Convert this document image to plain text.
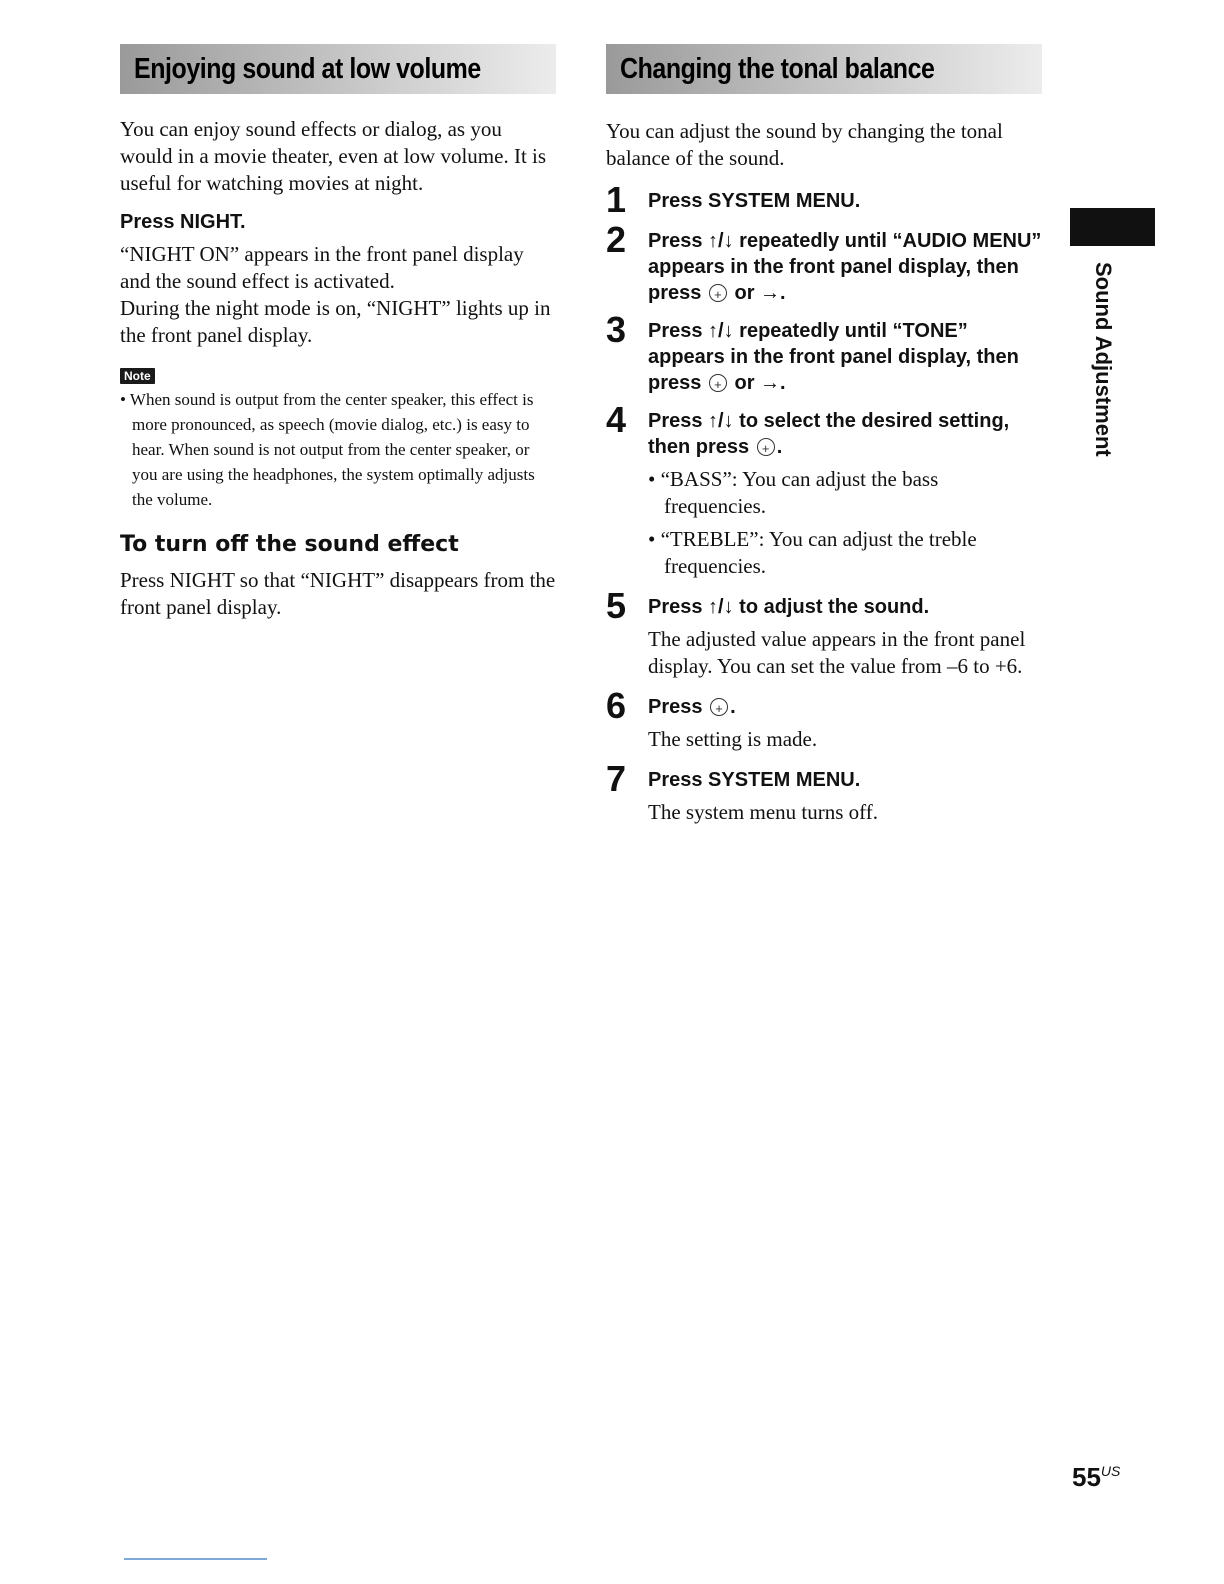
Enjoying sound at low volume

You can enjoy sound effects or dialog, as you would in a movie theater, even at low volume. It is useful for watching movies at night.

Press NIGHT.

“NIGHT ON” appears in the front panel display and the sound effect is activated.

During the night mode is on, “NIGHT” lights up in the front panel display.

Note

• When sound is output from the center speaker, this effect is more pronounced, as speech (movie dialog, etc.) is easy to hear. When sound is not output from the center speaker, or you are using the headphones, the system optimally adjusts the volume.

To turn off the sound effect

Press NIGHT so that “NIGHT” disappears from the front panel display.

Changing the tonal balance

You can adjust the sound by changing the tonal balance of the sound.

1 Press SYSTEM MENU.

2 Press ↑/↓ repeatedly until “AUDIO MENU” appears in the front panel display, then press + or →.

3 Press ↑/↓ repeatedly until “TONE” appears in the front panel display, then press + or →.

4 Press ↑/↓ to select the desired setting, then press + .

• “BASS”: You can adjust the bass frequencies.

• “TREBLE”: You can adjust the treble frequencies.

5 Press ↑/↓ to adjust the sound.

The adjusted value appears in the front panel display. You can set the value from –6 to +6.

6 Press + .

The setting is made.

7 Press SYSTEM MENU.

The system menu turns off.

Sound Adjustment
$55^{US}$
